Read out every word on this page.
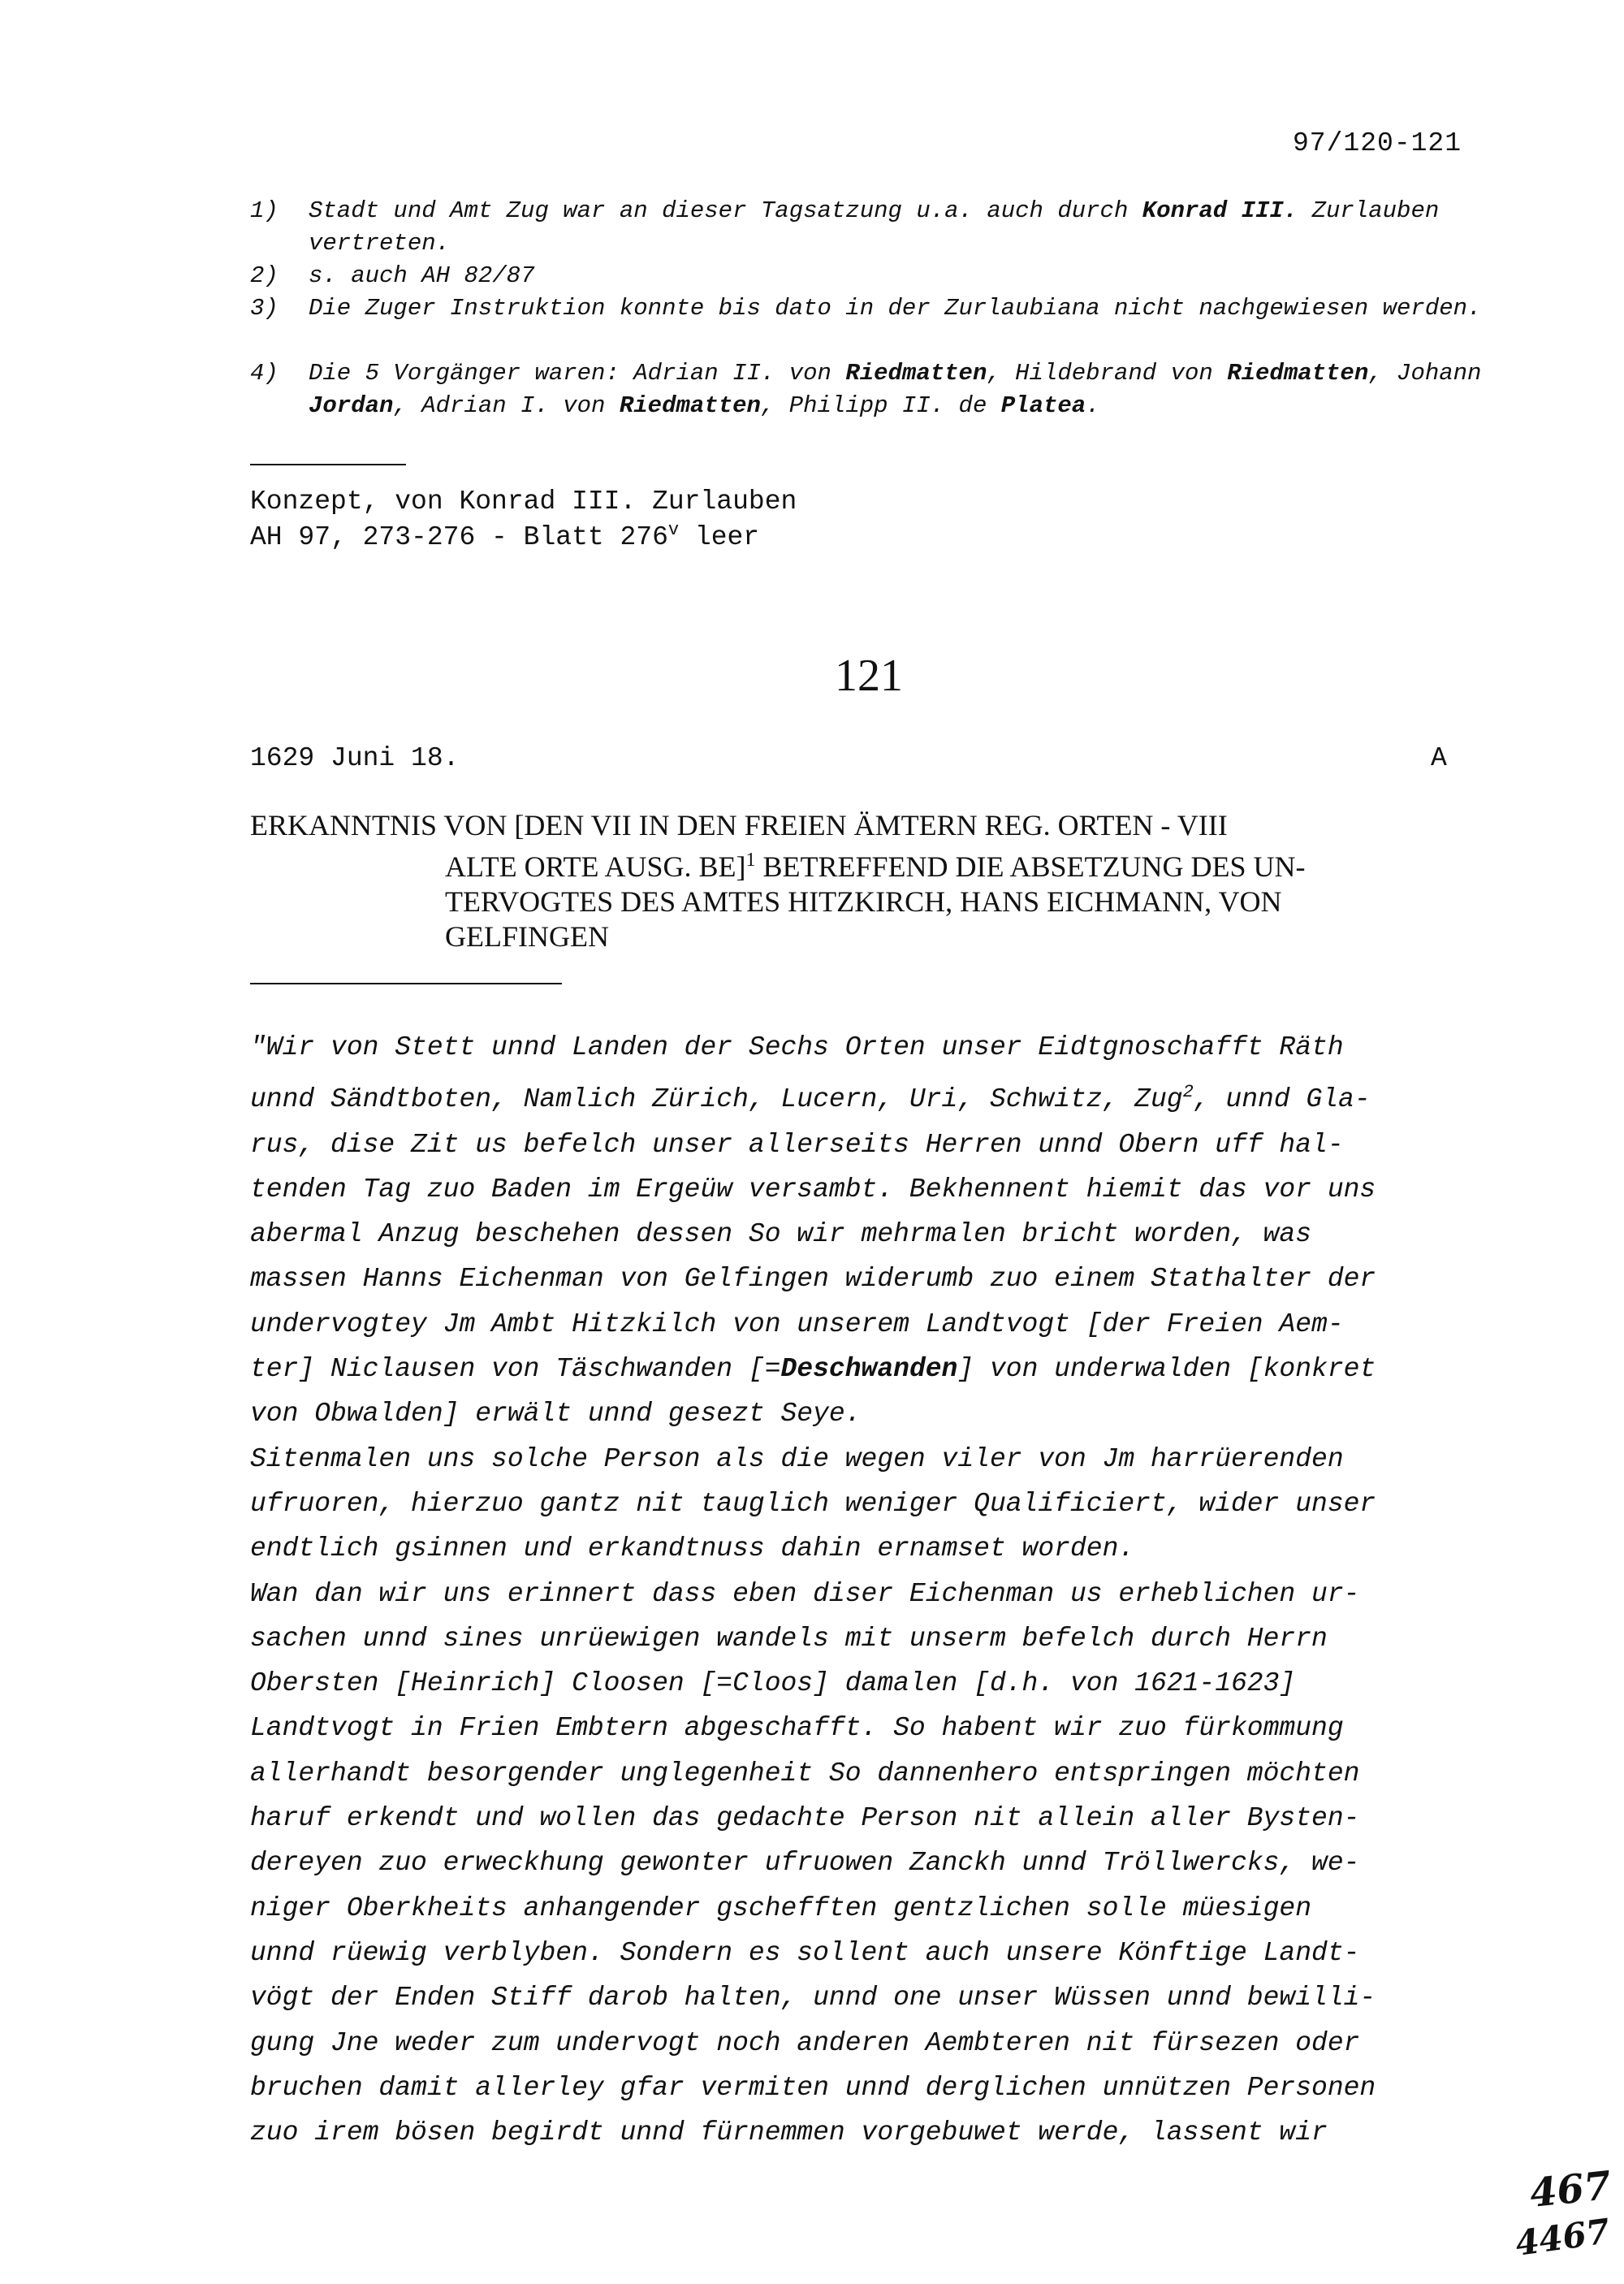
97/120-121
1) Stadt und Amt Zug war an dieser Tagsatzung u.a. auch durch Konrad III. Zurlauben vertreten.
2) s. auch AH 82/87
3) Die Zuger Instruktion konnte bis dato in der Zurlaubiana nicht nachgewiesen werden.
4) Die 5 Vorgänger waren: Adrian II. von Riedmatten, Hildebrand von Riedmatten, Johann Jordan, Adrian I. von Riedmatten, Philipp II. de Platea.
Konzept, von Konrad III. Zurlauben
AH 97, 273-276 - Blatt 276$^v$ leer
121
1629 Juni 18.	A
ERKANNTNIS VON [DEN VII IN DEN FREIEN ÄMTERN REG. ORTEN - VIII
ALTE ORTE AUSG. BE]$^1$ BETREFFEND DIE ABSETZUNG DES UN-
TERVOGTES DES AMTES HITZKIRCH, HANS EICHMANN, VON
GELFINGEN
"Wir von Stett unnd Landen der Sechs Orten unser Eidtgnoschafft Räth
unnd Sändtboten, Namlich Zürich, Lucern, Uri, Schwitz, Zug$^2$, unnd Gla-
rus, dise Zit us befelch unser allerseits Herren unnd Obern uff hal-
tenden Tag zuo Baden im Ergeüw versambt. Bekhennent hiemit das vor uns
abermal Anzug beschehen dessen So wir mehrmalen bricht worden, was
massen Hanns Eichenman von Gelfingen widerumb zuo einem Stathalter der
undervogtey Jm Ambt Hitzkilch von unserem Landtvogt [der Freien Aem-
ter] Niclausen von Täschwanden [=Deschwanden] von underwalden [konkret
von Obwalden] erwält unnd gesezt Seye.
Sitenmalen uns solche Person als die wegen viler von Jm harrüerenden
ufruoren, hierzuo gantz nit tauglich weniger Qualificiert, wider unser
endtlich gsinnen und erkandtnuss dahin ernamset worden.
Wan dan wir uns erinnert dass eben diser Eichenman us erheblichen ur-
sachen unnd sines unrüewigen wandels mit unserm befelch durch Herrn
Obersten [Heinrich] Cloosen [=Cloos] damalen [d.h. von 1621-1623]
Landtvogt in Frien Embtern abgeschafft. So habent wir zuo fürkommung
allerhandt besorgender unglegenheit So dannenhero entspringen möchten
haruf erkendt und wollen das gedachte Person nit allein aller Bysten-
dereyen zuo erweckhung gewonter ufruowen Zanckh unnd Tröllwercks, we-
niger Oberkheits anhangender gschefften gentzlichen solle müesigen
unnd rüewig verblyben. Sondern es sollent auch unsere Könftige Landt-
vögt der Enden Stiff darob halten, unnd one unser Wüssen unnd bewilli-
gung Jne weder zum undervogt noch anderen Aembteren nit fürsezen oder
bruchen damit allerley gfar vermiten unnd derglichen unnützen Personen
zuo irem bösen begirdt unnd fürnemmen vorgebuwet werde, lassent wir
467
4467
